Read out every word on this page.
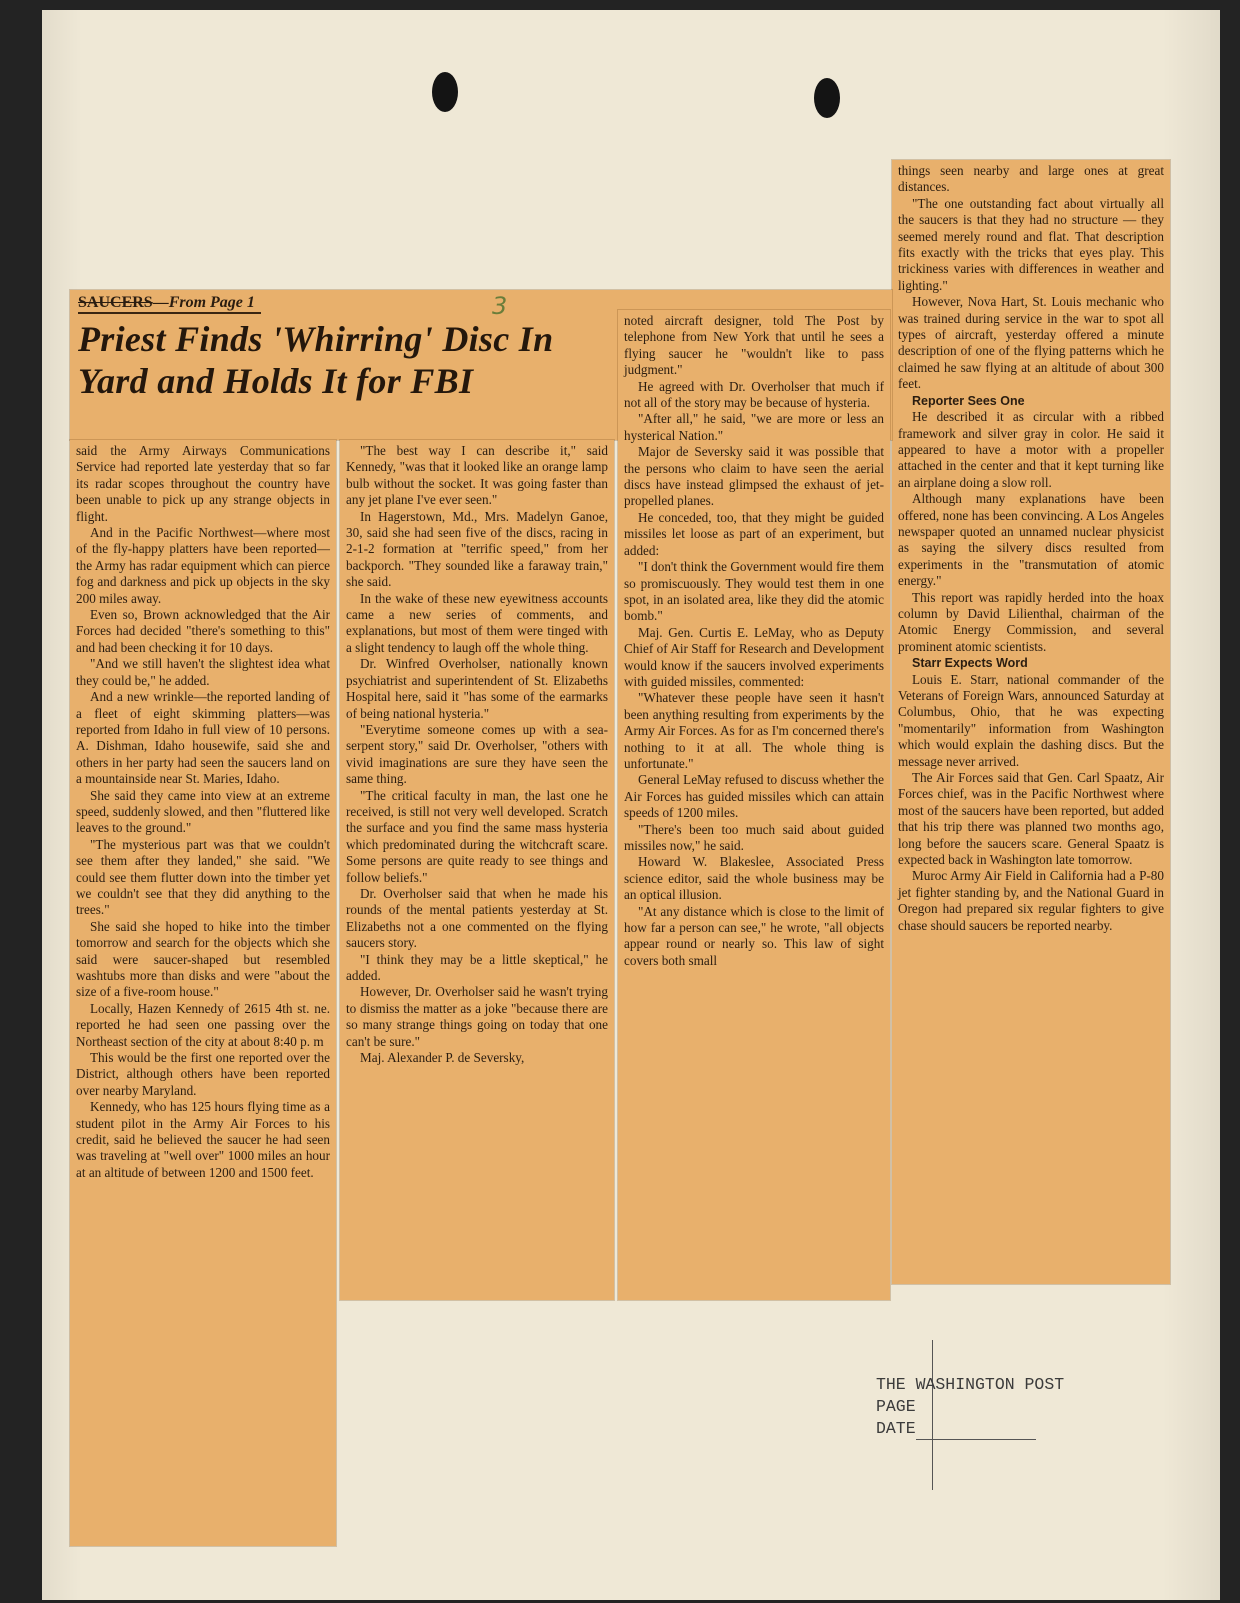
things seen nearby and large ones at great distances.

"The one outstanding fact about virtually all the saucers is that they had no structure — they seemed merely round and flat. That description fits exactly with the tricks that eyes play. This trickiness varies with differences in weather and lighting."

However, Nova Hart, St. Louis mechanic who was trained during service in the war to spot all types of aircraft, yesterday offered a minute description of one of the flying patterns which he claimed he saw flying at an altitude of about 300 feet.

Reporter Sees One

He described it as circular with a ribbed framework and silver gray in color. He said it appeared to have a motor with a propeller attached in the center and that it kept turning like an airplane doing a slow roll.

Although many explanations have been offered, none has been convincing. A Los Angeles newspaper quoted an unnamed nuclear physicist as saying the silvery discs resulted from experiments in the "transmutation of atomic energy."

This report was rapidly herded into the hoax column by David Lilienthal, chairman of the Atomic Energy Commission, and several prominent atomic scientists.

Starr Expects Word

Louis E. Starr, national commander of the Veterans of Foreign Wars, announced Saturday at Columbus, Ohio, that he was expecting "momentarily" information from Washington which would explain the dashing discs. But the message never arrived.

The Air Forces said that Gen. Carl Spaatz, Air Forces chief, was in the Pacific Northwest where most of the saucers have been reported, but added that his trip there was planned two months ago, long before the saucers scare. General Spaatz is expected back in Washington late tomorrow.

Muroc Army Air Field in California had a P-80 jet fighter standing by, and the National Guard in Oregon had prepared six regular fighters to give chase should saucers be reported nearby.

SAUCERS—From Page 1
Priest Finds 'Whirring' Disc In Yard and Holds It for FBI
3

said the Army Airways Communications Service had reported late yesterday that so far its radar scopes throughout the country have been unable to pick up any strange objects in flight.

And in the Pacific Northwest—where most of the fly-happy platters have been reported—the Army has radar equipment which can pierce fog and darkness and pick up objects in the sky 200 miles away.

Even so, Brown acknowledged that the Air Forces had decided "there's something to this" and had been checking it for 10 days.

"And we still haven't the slightest idea what they could be," he added.

And a new wrinkle—the reported landing of a fleet of eight skimming platters—was reported from Idaho in full view of 10 persons. A. Dishman, Idaho housewife, said she and others in her party had seen the saucers land on a mountainside near St. Maries, Idaho.

She said they came into view at an extreme speed, suddenly slowed, and then "fluttered like leaves to the ground."

"The mysterious part was that we couldn't see them after they landed," she said. "We could see them flutter down into the timber yet we couldn't see that they did anything to the trees."

She said she hoped to hike into the timber tomorrow and search for the objects which she said were saucer-shaped but resembled washtubs more than disks and were "about the size of a five-room house."

Locally, Hazen Kennedy of 2615 4th st. ne. reported he had seen one passing over the Northeast section of the city at about 8:40 p. m

This would be the first one reported over the District, although others have been reported over nearby Maryland.

Kennedy, who has 125 hours flying time as a student pilot in the Army Air Forces to his credit, said he believed the saucer he had seen was traveling at "well over" 1000 miles an hour at an altitude of between 1200 and 1500 feet.

"The best way I can describe it," said Kennedy, "was that it looked like an orange lamp bulb without the socket. It was going faster than any jet plane I've ever seen."

In Hagerstown, Md., Mrs. Madelyn Ganoe, 30, said she had seen five of the discs, racing in 2-1-2 formation at "terrific speed," from her backporch. "They sounded like a faraway train," she said.

In the wake of these new eyewitness accounts came a new series of comments, and explanations, but most of them were tinged with a slight tendency to laugh off the whole thing.

Dr. Winfred Overholser, nationally known psychiatrist and superintendent of St. Elizabeths Hospital here, said it "has some of the earmarks of being national hysteria."

"Everytime someone comes up with a sea-serpent story," said Dr. Overholser, "others with vivid imaginations are sure they have seen the same thing.

"The critical faculty in man, the last one he received, is still not very well developed. Scratch the surface and you find the same mass hysteria which predominated during the witchcraft scare. Some persons are quite ready to see things and follow beliefs."

Dr. Overholser said that when he made his rounds of the mental patients yesterday at St. Elizabeths not a one commented on the flying saucers story.

"I think they may be a little skeptical," he added.

However, Dr. Overholser said he wasn't trying to dismiss the matter as a joke "because there are so many strange things going on today that one can't be sure."

Maj. Alexander P. de Seversky,

noted aircraft designer, told The Post by telephone from New York that until he sees a flying saucer he "wouldn't like to pass judgment."

He agreed with Dr. Overholser that much if not all of the story may be because of hysteria.

"After all," he said, "we are more or less an hysterical Nation."

Major de Seversky said it was possible that the persons who claim to have seen the aerial discs have instead glimpsed the exhaust of jet-propelled planes.

He conceded, too, that they might be guided missiles let loose as part of an experiment, but added:

"I don't think the Government would fire them so promiscuously. They would test them in one spot, in an isolated area, like they did the atomic bomb."

Maj. Gen. Curtis E. LeMay, who as Deputy Chief of Air Staff for Research and Development would know if the saucers involved experiments with guided missiles, commented:

"Whatever these people have seen it hasn't been anything resulting from experiments by the Army Air Forces. As for as I'm concerned there's nothing to it at all. The whole thing is unfortunate."

General LeMay refused to discuss whether the Air Forces has guided missiles which can attain speeds of 1200 miles.

"There's been too much said about guided missiles now," he said.

Howard W. Blakeslee, Associated Press science editor, said the whole business may be an optical illusion.

"At any distance which is close to the limit of how far a person can see," he wrote, "all objects appear round or nearly so. This law of sight covers both small

THE WASHINGTON POST
PAGE
DATE
